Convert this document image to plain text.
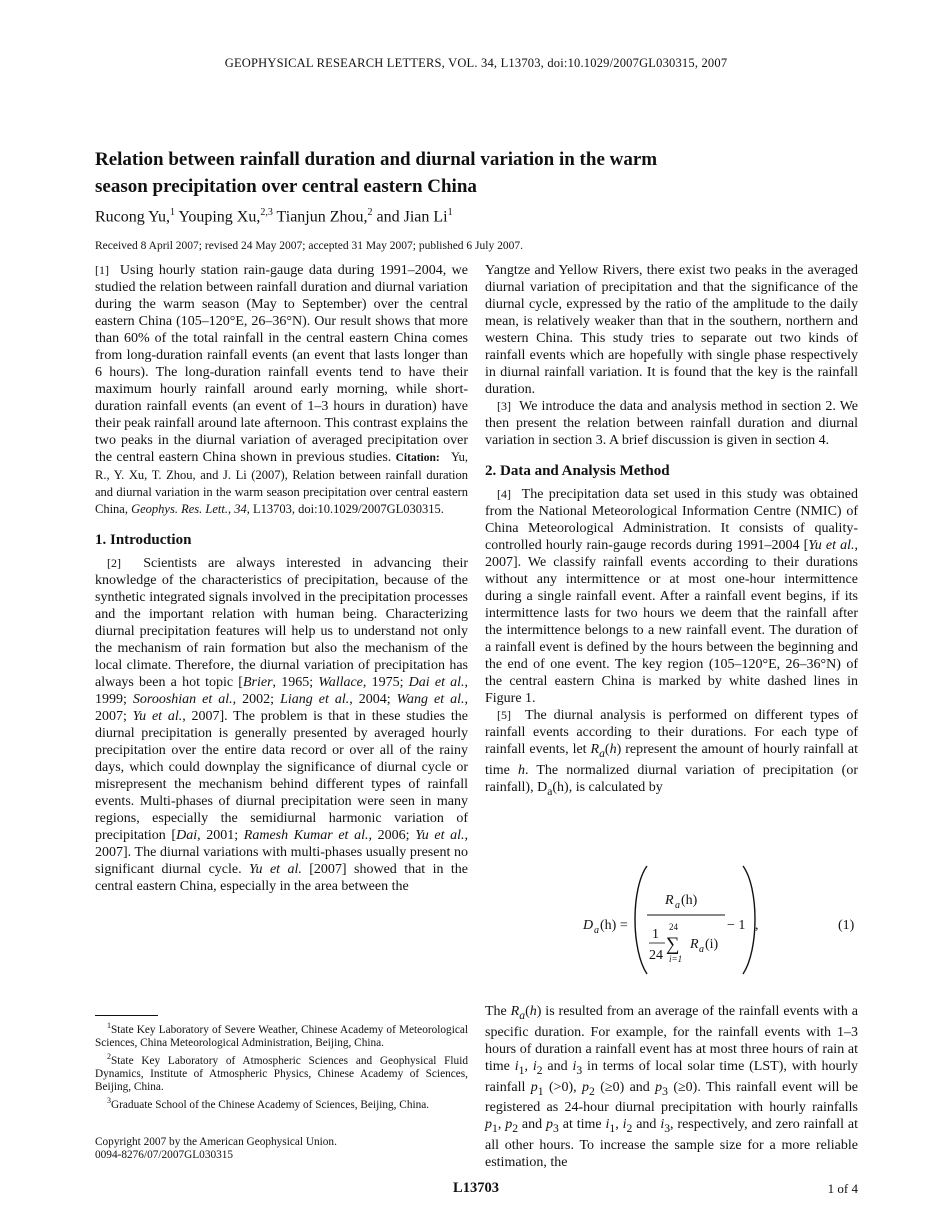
GEOPHYSICAL RESEARCH LETTERS, VOL. 34, L13703, doi:10.1029/2007GL030315, 2007
Relation between rainfall duration and diurnal variation in the warm
season precipitation over central eastern China
Rucong Yu,$^1$ Youping Xu,$^{2,3}$ Tianjun Zhou,$^2$ and Jian Li$^1$
Received 8 April 2007; revised 24 May 2007; accepted 31 May 2007; published 6 July 2007.

[1] Using hourly station rain-gauge data during 1991–2004, we studied the relation between rainfall duration and diurnal variation during the warm season (May to September) over the central eastern China (105–120°E, 26–36°N). Our result shows that more than 60% of the total rainfall in the central eastern China comes from long-duration rainfall events (an event that lasts longer than 6 hours). The long-duration rainfall events tend to have their maximum hourly rainfall around early morning, while short-duration rainfall events (an event of 1–3 hours in duration) have their peak rainfall around late afternoon. This contrast explains the two peaks in the diurnal variation of averaged precipitation over the central eastern China shown in previous studies. Citation: Yu, R., Y. Xu, T. Zhou, and J. Li (2007), Relation between rainfall duration and diurnal variation in the warm season precipitation over central eastern China, Geophys. Res. Lett., 34, L13703, doi:10.1029/2007GL030315.

1. Introduction

[2] Scientists are always interested in advancing their knowledge of the characteristics of precipitation, because of the synthetic integrated signals involved in the precipitation processes and the important relation with human being. Characterizing diurnal precipitation features will help us to understand not only the mechanism of rain formation but also the mechanism of the local climate. Therefore, the diurnal variation of precipitation has always been a hot topic [Brier, 1965; Wallace, 1975; Dai et al., 1999; Sorooshian et al., 2002; Liang et al., 2004; Wang et al., 2007; Yu et al., 2007]. The problem is that in these studies the diurnal precipitation is generally presented by averaged hourly precipitation over the entire data record or over all of the rainy days, which could downplay the significance of diurnal cycle or misrepresent the mechanism behind different types of rainfall events. Multi-phases of diurnal precipitation were seen in many regions, especially the semidiurnal harmonic variation of precipitation [Dai, 2001; Ramesh Kumar et al., 2006; Yu et al., 2007]. The diurnal variations with multi-phases usually present no significant diurnal cycle. Yu et al. [2007] showed that in the central eastern China, especially in the area between the

Yangtze and Yellow Rivers, there exist two peaks in the averaged diurnal variation of precipitation and that the significance of the diurnal cycle, expressed by the ratio of the amplitude to the daily mean, is relatively weaker than that in the southern, northern and western China. This study tries to separate out two kinds of rainfall events which are hopefully with single phase respectively in diurnal rainfall variation. It is found that the key is the rainfall duration.

[3] We introduce the data and analysis method in section 2. We then present the relation between rainfall duration and diurnal variation in section 3. A brief discussion is given in section 4.

2. Data and Analysis Method

[4] The precipitation data set used in this study was obtained from the National Meteorological Information Centre (NMIC) of China Meteorological Administration. It consists of quality-controlled hourly rain-gauge records during 1991–2004 [Yu et al., 2007]. We classify rainfall events according to their durations without any intermittence or at most one-hour intermittence during a single rainfall event. After a rainfall event begins, if its intermittence lasts for two hours we deem that the rainfall after the intermittence belongs to a new rainfall event. The duration of a rainfall event is defined by the hours between the beginning and the end of one event. The key region (105–120°E, 26–36°N) of the central eastern China is marked by white dashed lines in Figure 1.

[5] The diurnal analysis is performed on different types of rainfall events according to their durations. For each type of rainfall events, let $R_a(h)$ represent the amount of hourly rainfall at time h. The normalized diurnal variation of precipitation (or rainfall), $D_a(h)$, is calculated by

D a (h) =
R a (h)
1
24
24
∑
i=1
R a (i)
− 1 ,	(1)

The $R_a(h)$ is resulted from an average of the rainfall events with a specific duration. For example, for the rainfall events with 1–3 hours of duration a rainfall event has at most three hours of rain at time $i_1$, $i_2$ and $i_3$ in terms of local solar time (LST), with hourly rainfall $p_1$ (>0), $p_2$ (≥0) and $p_3$ (≥0). This rainfall event will be registered as 24-hour diurnal precipitation with hourly rainfalls $p_1$, $p_2$ and $p_3$ at time $i_1$, $i_2$ and $i_3$, respectively, and zero rainfall at all other hours. To increase the sample size for a more reliable estimation, the

$^1$State Key Laboratory of Severe Weather, Chinese Academy of Meteorological Sciences, China Meteorological Administration, Beijing, China.

$^2$State Key Laboratory of Atmospheric Sciences and Geophysical Fluid Dynamics, Institute of Atmospheric Physics, Chinese Academy of Sciences, Beijing, China.

$^3$Graduate School of the Chinese Academy of Sciences, Beijing, China.

Copyright 2007 by the American Geophysical Union.
0094-8276/07/2007GL030315
L13703	1 of 4
